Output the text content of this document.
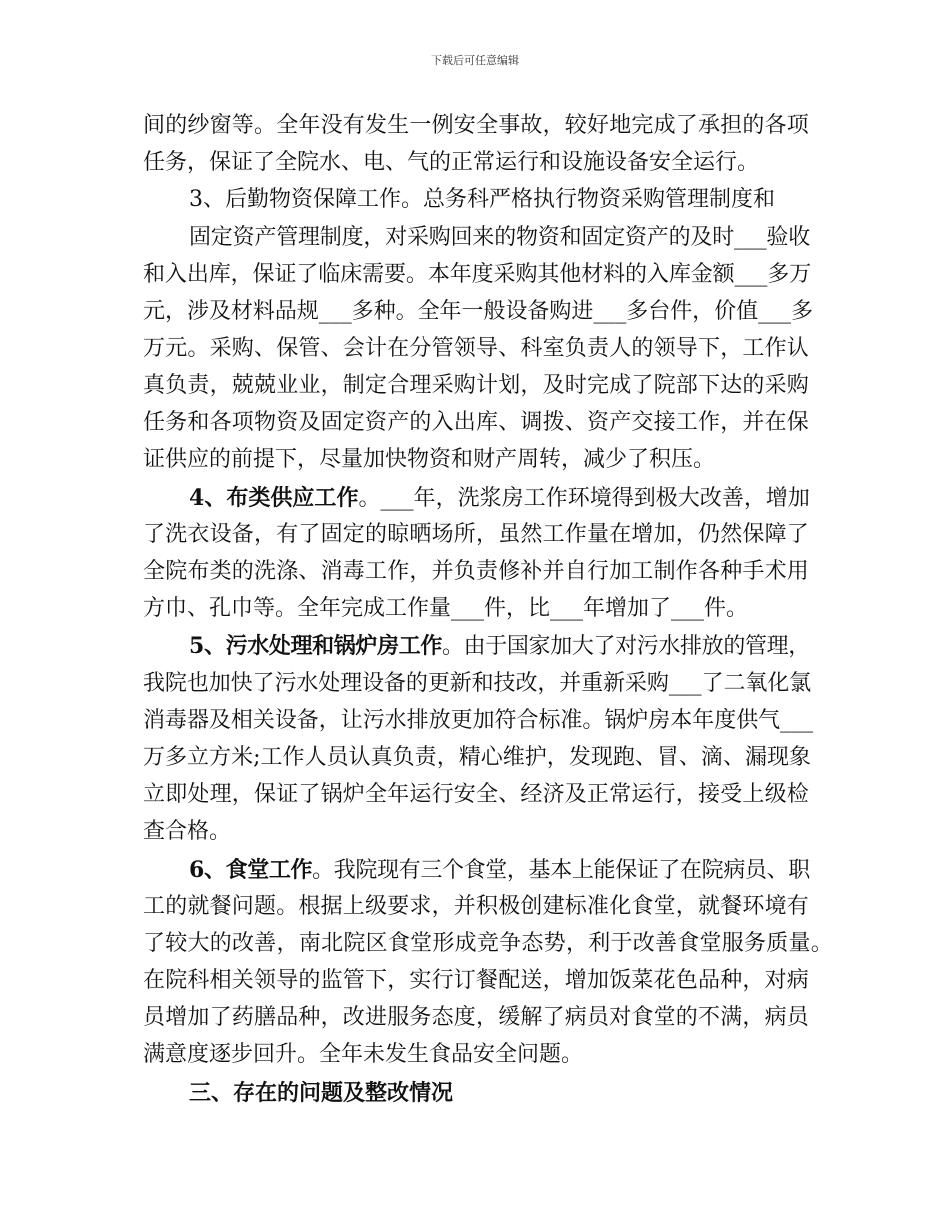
下载后可任意编辑
间的纱窗等。全年没有发生一例安全事故，较好地完成了承担的各项
任务，保证了全院水、电、气的正常运行和设施设备安全运行。
3、后勤物资保障工作。总务科严格执行物资采购管理制度和
固定资产管理制度，对采购回来的物资和固定资产的及时___验收
和入出库，保证了临床需要。本年度采购其他材料的入库金额___多万
元，涉及材料品规___多种。全年一般设备购进___多台件，价值___多
万元。采购、保管、会计在分管领导、科室负责人的领导下，工作认
真负责，兢兢业业，制定合理采购计划，及时完成了院部下达的采购
任务和各项物资及固定资产的入出库、调拨、资产交接工作，并在保
证供应的前提下，尽量加快物资和财产周转，减少了积压。
4、布类供应工作。___年，洗浆房工作环境得到极大改善，增加
了洗衣设备，有了固定的晾晒场所，虽然工作量在增加，仍然保障了
全院布类的洗涤、消毒工作，并负责修补并自行加工制作各种手术用
方巾、孔巾等。全年完成工作量___件，比___年增加了___件。
5、污水处理和锅炉房工作。由于国家加大了对污水排放的管理，
我院也加快了污水处理设备的更新和技改，并重新采购___了二氧化氯
消毒器及相关设备，让污水排放更加符合标准。锅炉房本年度供气___
万多立方米;工作人员认真负责，精心维护，发现跑、冒、滴、漏现象
立即处理，保证了锅炉全年运行安全、经济及正常运行，接受上级检
查合格。
6、食堂工作。我院现有三个食堂，基本上能保证了在院病员、职
工的就餐问题。根据上级要求，并积极创建标准化食堂，就餐环境有
了较大的改善，南北院区食堂形成竞争态势，利于改善食堂服务质量。
在院科相关领导的监管下，实行订餐配送，增加饭菜花色品种，对病
员增加了药膳品种，改进服务态度，缓解了病员对食堂的不满，病员
满意度逐步回升。全年未发生食品安全问题。
三、存在的问题及整改情况
